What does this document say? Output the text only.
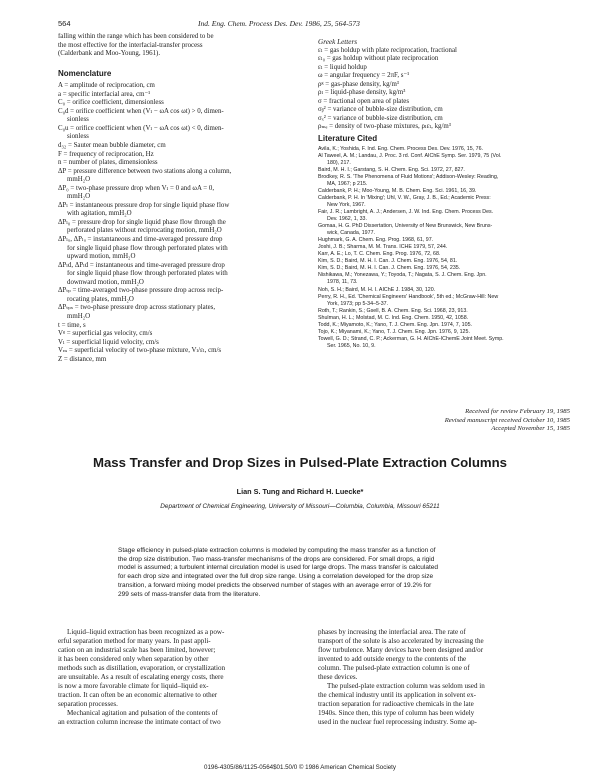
564	Ind. Eng. Chem. Process Des. Dev. 1986, 25, 564-573
falling within the range which has been considered to be
the most effective for the interfacial-transfer process
(Calderbank and Moo-Young, 1961).
Nomenclature
A = amplitude of reciprocation, cm
a = specific interfacial area, cm⁻¹
C₀ = orifice coefficient, dimensionless
C₀d = orifice coefficient when (Vₗ − ωA cos ωt) > 0, dimen-
sionless
C₀u = orifice coefficient when (Vₗ − ωA cos ωt) < 0, dimen-
sionless
d₃₂ = Sauter mean bubble diameter, cm
F = frequency of reciprocation, Hz
n = number of plates, dimensionless
ΔP = pressure difference between two stations along a column,
mmH₂O
ΔP₀ = two-phase pressure drop when Vₗ = 0 and ωA = 0,
mmH₂O
ΔPₗ = instantaneous pressure drop for single liquid phase flow
with agitation, mmH₂O
ΔPₗ₀ = pressure drop for single liquid phase flow through the
perforated plates without reciprocating motion, mmH₂O
ΔPₗᵤ, Δ̅Pₗᵤ = instantaneous and time-averaged pressure drop
for single liquid phase flow through perforated plates with
upward motion, mmH₂O
ΔPₗd, Δ̅Pₗd = instantaneous and time-averaged pressure drop
for single liquid phase flow through perforated plates with
downward motion, mmH₂O
Δ̅Pₜₚ = time-averaged two-phase pressure drop across recip-
rocating plates, mmH₂O
ΔPₜₚₛ = two-phase pressure drop across stationary plates,
mmH₂O
t = time, s
Vᵍ = superficial gas velocity, cm/s
Vₗ = superficial liquid velocity, cm/s
Vₘ = superficial velocity of two-phase mixture, Vₗ/εₗ, cm/s
Z = distance, mm
Greek Letters
εₗ = gas holdup with plate reciprocation, fractional
εₗ₀ = gas holdup without plate reciprocation
εₗ = liquid holdup
ω = angular frequency = 2πF, s⁻¹
ρᵍ = gas-phase density, kg/m³
ρₗ = liquid-phase density, kg/m³
σ = fractional open area of plates
σᵦ² = variance of bubble-size distribution, cm
σₓ² = variance of bubble-size distribution, cm
ρₘₑ = density of two-phase mixtures, ρₗεₗ, kg/m³
Literature Cited
Avila, K.; Yoshida, F. Ind. Eng. Chem. Process Des. Dev. 1976, 15, 76.
Al Taweel, A. M.; Landau, J. Proc. 3 rd. Conf. AIChE Symp. Ser. 1979, 75 (Vol.
180), 217.
Baird, M. H. I.; Garstang, S. H. Chem. Eng. Sci. 1972, 27, 827.
Brodkey, R. S. 'The Phenomena of Fluid Motions'; Addison-Wesley: Reading,
MA, 1967; p 215.
Calderbank, P. H.; Moo-Young, M. B. Chem. Eng. Sci. 1961, 16, 39.
Calderbank, P. H. In 'Mixing'; Uhl, V. W., Gray, J. B., Ed.; Academic Press:
New York, 1967.
Fair, J. R.; Lambright, A. J.; Andersen, J. W. Ind. Eng. Chem. Process Des.
Dev. 1962, 1, 33.
Gomaa, H. G. PhD Dissertation, University of New Brunswick, New Bruns-
wick, Canada, 1977.
Hughmark, G. A. Chem. Eng. Prog. 1968, 61, 97.
Joshi, J. B.; Sharma, M. M. Trans. ICHE 1979, 57, 244.
Karr, A. E.; Lo, T. C. Chem. Eng. Prog. 1976, 72, 68.
Kim, S. D.; Baird, M. H. I. Can. J. Chem. Eng. 1976, 54, 81.
Kim, S. D.; Baird, M. H. I. Can. J. Chem. Eng. 1976, 54, 235.
Nishikawa, M.; Yonezawa, Y.; Toyoda, T.; Nagata, S. J. Chem. Eng. Jpn.
1978, 11, 73.
Noh, S. H.; Baird, M. H. I. AIChE J. 1984, 30, 120.
Perry, R. H., Ed. 'Chemical Engineers' Handbook', 5th ed.; McGraw-Hill: New
York, 1973; pp 5-34–5-37.
Roth, T.; Rankin, S.; Gsell, B. A. Chem. Eng. Sci. 1968, 23, 913.
Shulman, H. L.; Molstad, M. C. Ind. Eng. Chem. 1950, 42, 1058.
Todd, K.; Miyamoto, K.; Yano, T. J. Chem. Eng. Jpn. 1974, 7, 105.
Tojo, K.; Miyanami, K.; Yano, T. J. Chem. Eng. Jpn. 1976, 9, 125.
Towell, G. D.; Strand, C. P.; Ackerman, G. H. AIChE-IChemE Joint Meet. Symp.
Ser. 1965, No. 10, 9.
Received for review February 19, 1985
Revised manuscript received October 10, 1985
Accepted November 15, 1985
Mass Transfer and Drop Sizes in Pulsed-Plate Extraction Columns
Lian S. Tung and Richard H. Luecke*
Department of Chemical Engineering, University of Missouri—Columbia, Columbia, Missouri 65211
Stage efficiency in pulsed-plate extraction columns is modeled by computing the mass transfer as a function of
the drop size distribution. Two mass-transfer mechanisms of the drops are considered. For small drops, a rigid
model is assumed; a turbulent internal circulation model is used for large drops. The mass transfer is calculated
for each drop size and integrated over the full drop size range. Using a correlation developed for the drop size
transition, a forward mixing model predicts the observed number of stages with an average error of 19.2% for
299 sets of mass-transfer data from the literature.
Liquid–liquid extraction has been recognized as a pow-
erful separation method for many years. In past appli-
cation on an industrial scale has been limited, however;
it has been considered only when separation by other
methods such as distillation, evaporation, or crystallization
are unsuitable. As a result of escalating energy costs, there
is now a more favorable climate for liquid–liquid ex-
traction. It can often be an economic alternative to other
separation processes.
Mechanical agitation and pulsation of the contents of
an extraction column increase the intimate contact of two
phases by increasing the interfacial area. The rate of
transport of the solute is also accelerated by increasing the
flow turbulence. Many devices have been designed and/or
invented to add outside energy to the contents of the
column. The pulsed-plate extraction column is one of
these devices.
The pulsed-plate extraction column was seldom used in
the chemical industry until its application in solvent ex-
traction separation for radioactive chemicals in the late
1940s. Since then, this type of column has been widely
used in the nuclear fuel reprocessing industry. Some ap-
0196-4305/86/1125-0564$01.50/0 © 1986 American Chemical Society
